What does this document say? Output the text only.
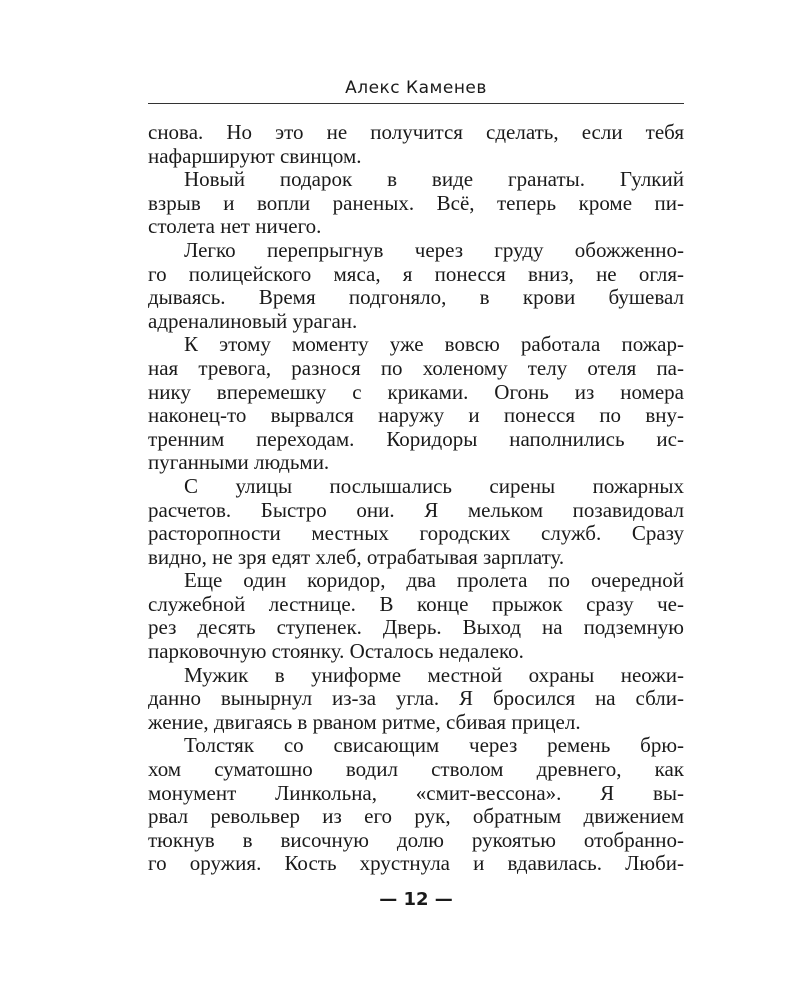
Алекс Каменев
снова. Но это не получится сделать, если тебя
нафаршируют свинцом.
Новый подарок в виде гранаты. Гулкий
взрыв и вопли раненых. Всё, теперь кроме пи-
столета нет ничего.
Легко перепрыгнув через груду обожженно-
го полицейского мяса, я понесся вниз, не огля-
дываясь. Время подгоняло, в крови бушевал
адреналиновый ураган.
К этому моменту уже вовсю работала пожар-
ная тревога, разнося по холеному телу отеля па-
нику вперемешку с криками. Огонь из номера
наконец-то вырвался наружу и понесся по вну-
тренним переходам. Коридоры наполнились ис-
пуганными людьми.
С улицы послышались сирены пожарных
расчетов. Быстро они. Я мельком позавидовал
расторопности местных городских служб. Сразу
видно, не зря едят хлеб, отрабатывая зарплату.
Еще один коридор, два пролета по очередной
служебной лестнице. В конце прыжок сразу че-
рез десять ступенек. Дверь. Выход на подземную
парковочную стоянку. Осталось недалеко.
Мужик в униформе местной охраны неожи-
данно вынырнул из-за угла. Я бросился на сбли-
жение, двигаясь в рваном ритме, сбивая прицел.
Толстяк со свисающим через ремень брю-
хом суматошно водил стволом древнего, как
монумент Линкольна, «смит-вессона». Я вы-
рвал револьвер из его рук, обратным движением
тюкнув в височную долю рукоятью отобранно-
го оружия. Кость хрустнула и вдавилась. Люби-
— 12 —
